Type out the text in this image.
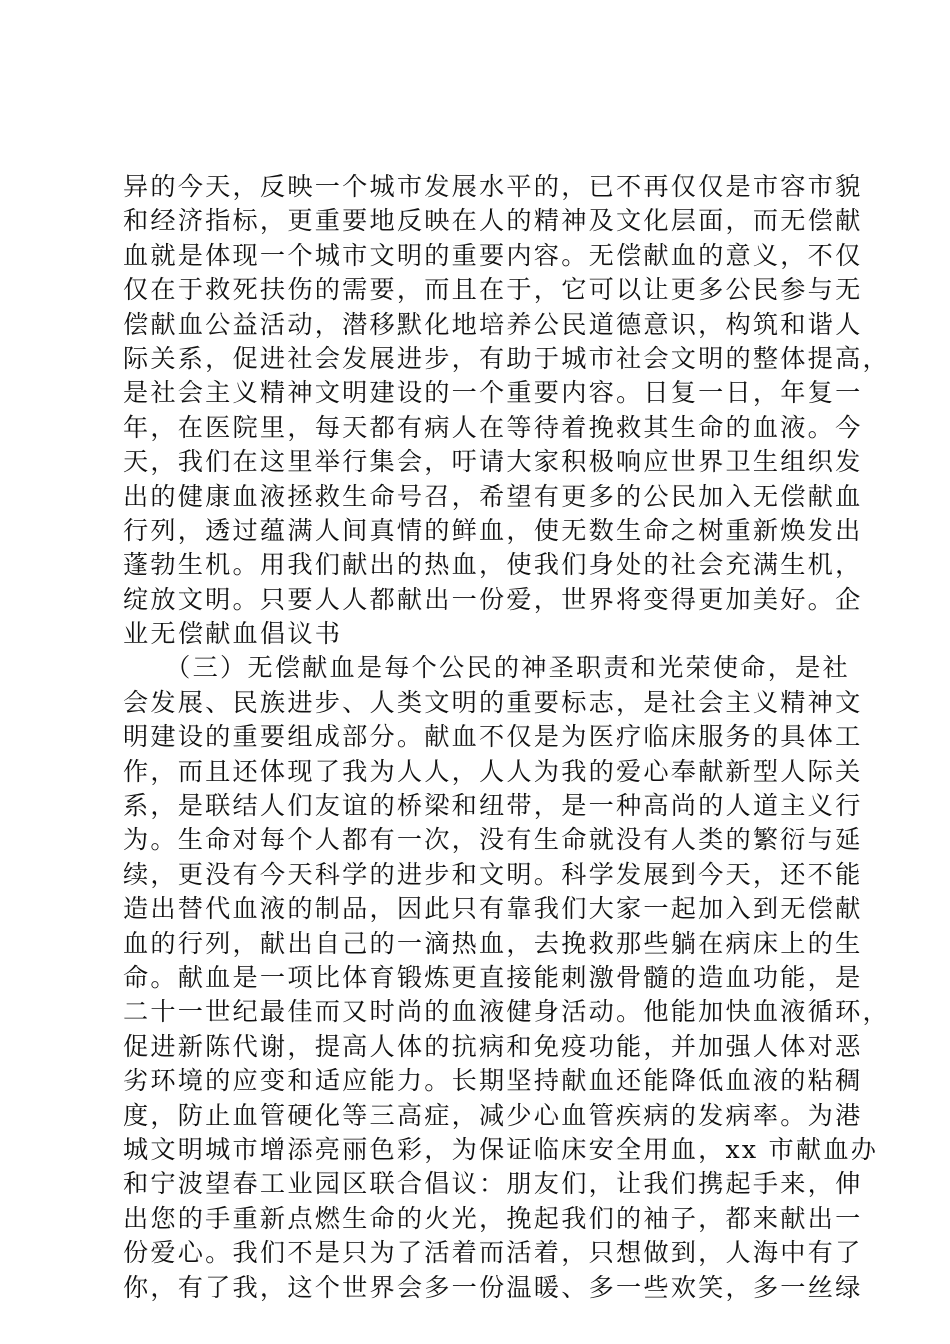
异的今天，反映一个城市发展水平的，已不再仅仅是市容市貌
和经济指标，更重要地反映在人的精神及文化层面，而无偿献
血就是体现一个城市文明的重要内容。无偿献血的意义，不仅
仅在于救死扶伤的需要，而且在于，它可以让更多公民参与无
偿献血公益活动，潜移默化地培养公民道德意识，构筑和谐人
际关系，促进社会发展进步，有助于城市社会文明的整体提高，
是社会主义精神文明建设的一个重要内容。日复一日，年复一
年，在医院里，每天都有病人在等待着挽救其生命的血液。今
天，我们在这里举行集会，吁请大家积极响应世界卫生组织发
出的健康血液拯救生命号召，希望有更多的公民加入无偿献血
行列，透过蕴满人间真情的鲜血，使无数生命之树重新焕发出
蓬勃生机。用我们献出的热血，使我们身处的社会充满生机，
绽放文明。只要人人都献出一份爱，世界将变得更加美好。企
业无偿献血倡议书
　　（三）无偿献血是每个公民的神圣职责和光荣使命，是社
会发展、民族进步、人类文明的重要标志，是社会主义精神文
明建设的重要组成部分。献血不仅是为医疗临床服务的具体工
作，而且还体现了我为人人，人人为我的爱心奉献新型人际关
系，是联结人们友谊的桥梁和纽带，是一种高尚的人道主义行
为。生命对每个人都有一次，没有生命就没有人类的繁衍与延
续，更没有今天科学的进步和文明。科学发展到今天，还不能
造出替代血液的制品，因此只有靠我们大家一起加入到无偿献
血的行列，献出自己的一滴热血，去挽救那些躺在病床上的生
命。献血是一项比体育锻炼更直接能刺激骨髓的造血功能，是
二十一世纪最佳而又时尚的血液健身活动。他能加快血液循环，
促进新陈代谢，提高人体的抗病和免疫功能，并加强人体对恶
劣环境的应变和适应能力。长期坚持献血还能降低血液的粘稠
度，防止血管硬化等三高症，减少心血管疾病的发病率。为港
城文明城市增添亮丽色彩，为保证临床安全用血，xx 市献血办
和宁波望春工业园区联合倡议：朋友们，让我们携起手来，伸
出您的手重新点燃生命的火光，挽起我们的袖子，都来献出一
份爱心。我们不是只为了活着而活着，只想做到，人海中有了
你，有了我，这个世界会多一份温暖、多一些欢笑，多一丝绿
